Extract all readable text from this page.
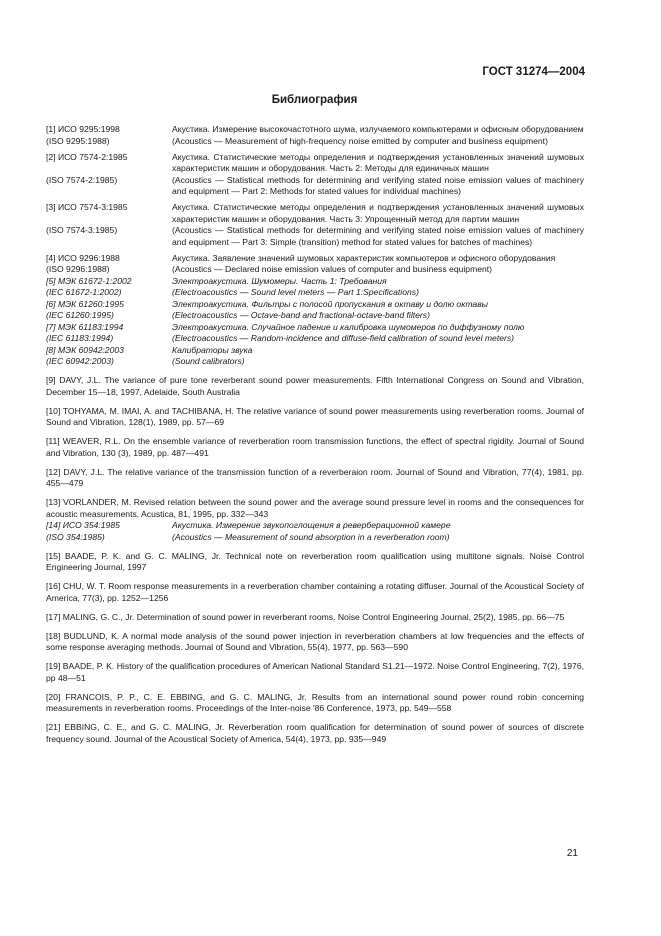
ГОСТ 31274—2004
Библиография
[1] ИСО 9295:1998	Акустика. Измерение высокочастотного шума, излучаемого компьютерами и офисным оборудованием
(ISO 9295:1988)	(Acoustics — Measurement of high-frequency noise emitted by computer and business equipment)
[2] ИСО 7574-2:1985	Акустика. Статистические методы определения и подтверждения установленных значений шумовых характеристик машин и оборудования. Часть 2: Методы для единичных машин
(ISO 7574-2:1985)	(Acoustics — Statistical methods for determining and verifying stated noise emission values of machinery and equipment — Part 2: Methods for stated values for individual machines)
[3] ИСО 7574-3:1985	Акустика. Статистические методы определения и подтверждения установленных значений шумовых характеристик машин и оборудования. Часть 3: Упрощенный метод для партии машин
(ISO 7574-3:1985)	(Acoustics — Statistical methods for determining and verifying stated noise emission values of machinery and equipment — Part 3: Simple (transition) method for stated values for batches of machines)
[4] ИСО 9296:1988	Акустика. Заявление значений шумовых характеристик компьютеров и офисного оборудования
(ISO 9296:1988)	(Acoustics — Declared noise emission values of computer and business equipment)
[5] МЭК 61672-1:2002	Электроакустика. Шумомеры. Часть 1: Требования
(IEC 61672-1:2002)	(Electroacoustics — Sound level meters — Part 1:Specifications)
[6] МЭК 61260:1995	Электроакустика. Фильтры с полосой пропускания в октаву и долю октавы
(IEC 61260:1995)	(Electroacoustics — Octave-band and fractional-octave-band filters)
[7] МЭК 61183:1994	Электроакустика. Случайное падение и калибровка шумомеров по диффузному полю
(IEC 61183:1994)	(Electroacoustics — Random-incidence and diffuse-field calibration of sound level meters)
[8] МЭК 60942:2003	Калибраторы звука
(IEC 60942:2003)	(Sound calibrators)
[9] DAVY, J.L. The variance of pure tone reverberant sound power measurements. Fifth International Congress on Sound and Vibration, December 15—18, 1997, Adelaide, South Australia
[10] TOHYAMA, M. IMAI, A. and TACHIBANA, H. The relative variance of sound power measurements using reverberation rooms. Journal of Sound and Vibration, 128(1), 1989, pp. 57—69
[11] WEAVER, R.L. On the ensemble variance of reverberation room transmission functions, the effect of spectral rigidity. Journal of Sound and Vibration, 130 (3), 1989, pp. 487—491
[12] DAVY, J.L. The relative variance of the transmission function of a reverberaion room. Journal of Sound and Vibration, 77(4), 1981, pp. 455—479
[13] VORLANDER, M. Revised relation between the sound power and the average sound pressure level in rooms and the consequences for acoustic measurements. Acustica, 81, 1995, pp. 332—343
[14] ИСО 354:1985	Акустика. Измерение звукопоглощения в реверберационной камере
(ISO 354:1985)	(Acoustics — Measurement of sound absorption in a reverberation room)
[15] BAADE, P. K. and G. C. MALING, Jr. Technical note on reverberation room qualification using multitone signals. Noise Control Engineering Journal, 1997
[16] CHU, W. T. Room response measurements in a reverberation chamber containing a rotating diffuser. Journal of the Acoustical Society of America, 77(3), pp. 1252—1256
[17] MALING, G. C., Jr. Determination of sound power in reverberant rooms. Noise Control Engineering Journal, 25(2), 1985, pp. 66—75
[18] BUDLUND, K. A normal mode analysis of the sound power injection in reverberation chambers at low frequencies and the effects of some response averaging methods. Journal of Sound and Vibration, 55(4), 1977, pp. 563—590
[19] BAADE, P. K. History of the qualification procedures of American National Standard S1.21—1972. Noise Control Engineering, 7(2), 1976, pp 48—51
[20] FRANCOIS, P. P., C. E. EBBING, and G. C. MALING, Jr. Results from an international sound power round robin concerning measurements in reverberation rooms. Proceedings of the Inter-noise '86 Conference, 1973, pp. 549—558
[21] EBBING, C. E., and G. C. MALING, Jr. Reverberation room qualification for determination of sound power of sources of discrete frequency sound. Journal of the Acoustical Society of America, 54(4), 1973, pp. 935—949
21
